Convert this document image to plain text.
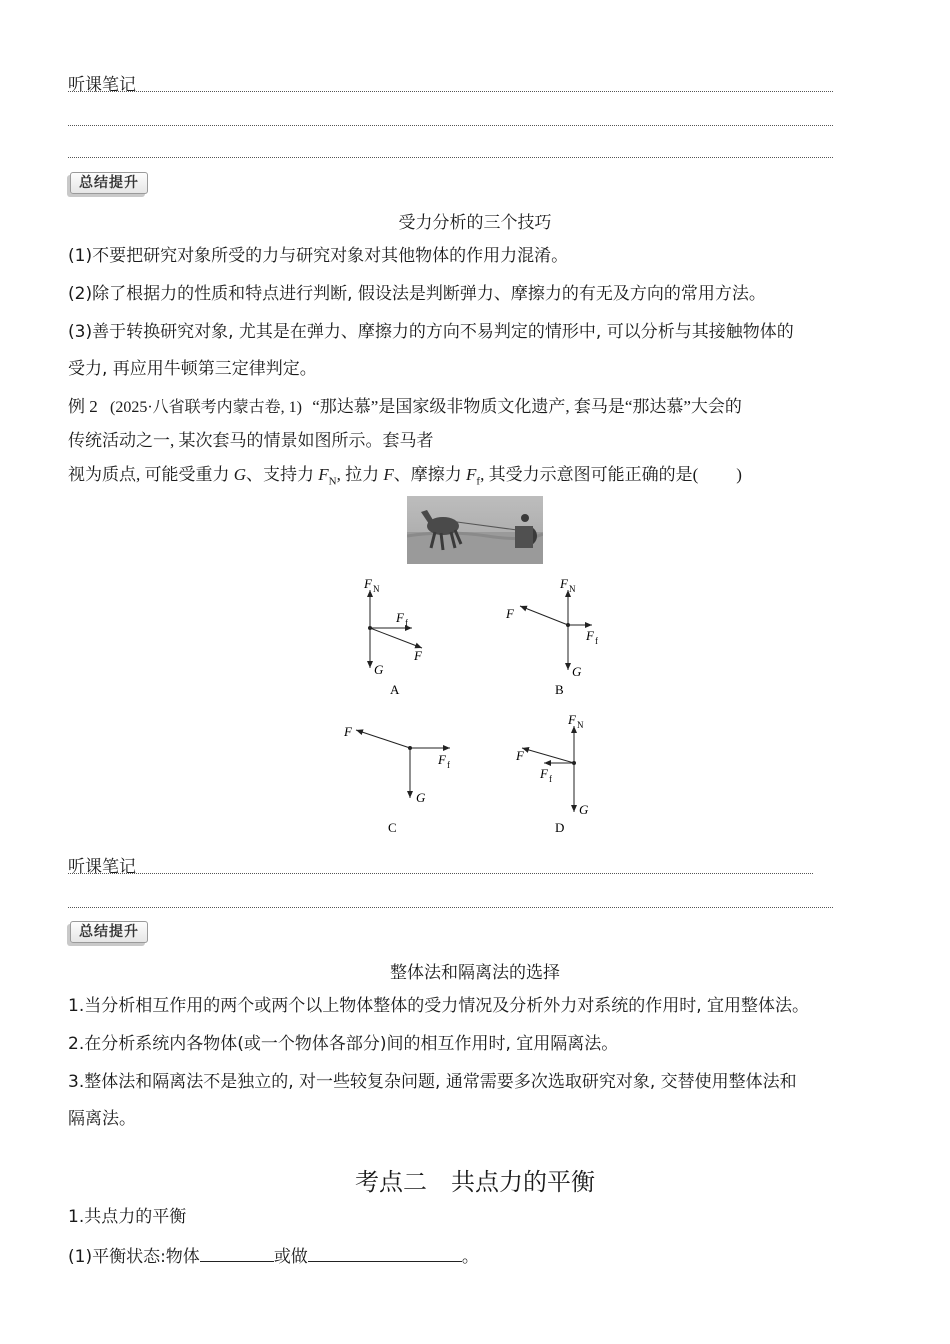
听课笔记
总结提升
受力分析的三个技巧
(1)不要把研究对象所受的力与研究对象对其他物体的作用力混淆。
(2)除了根据力的性质和特点进行判断, 假设法是判断弹力、摩擦力的有无及方向的常用方法。
(3)善于转换研究对象, 尤其是在弹力、摩擦力的方向不易判定的情形中, 可以分析与其接触物体的
受力, 再应用牛顿第三定律判定。
例 2 (2025·八省联考内蒙古卷, 1) “那达慕”是国家级非物质文化遗产, 套马是“那达慕”大会的
传统活动之一, 某次套马的情景如图所示。套马者
视为质点, 可能受重力 G、支持力 $F_N$, 拉力 F、摩擦力 $F_f$, 其受力示意图可能正确的是( )
F N
F f
F
G
A
F N
F
F f
G
B
F
F f
G
C
F N
F
F f
G
D
听课笔记
总结提升
整体法和隔离法的选择
1.当分析相互作用的两个或两个以上物体整体的受力情况及分析外力对系统的作用时, 宜用整体法。
2.在分析系统内各物体(或一个物体各部分)间的相互作用时, 宜用隔离法。
3.整体法和隔离法不是独立的, 对一些较复杂问题, 通常需要多次选取研究对象, 交替使用整体法和
隔离法。
考点二　共点力的平衡
1.共点力的平衡
(1)平衡状态:物体	或做	。
